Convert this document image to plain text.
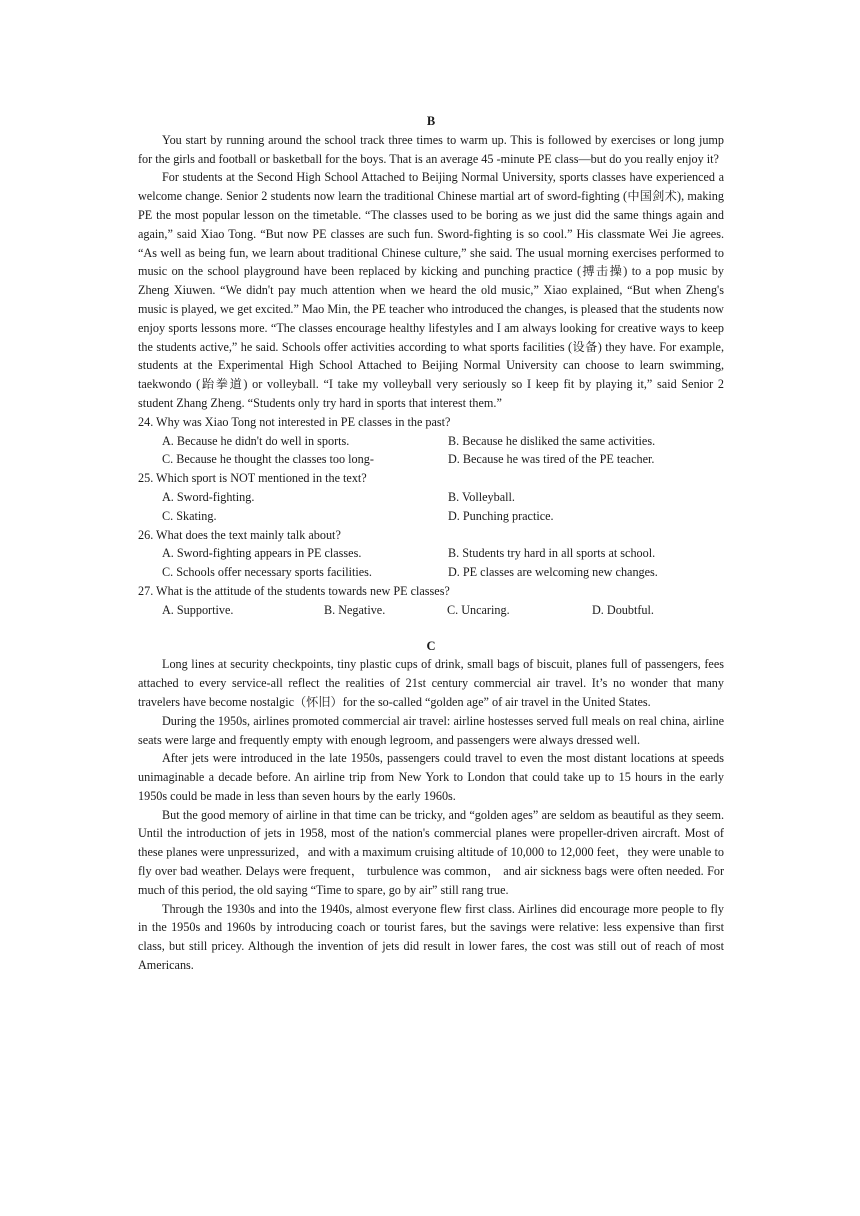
B

You start by running around the school track three times to warm up. This is followed by exercises or long jump for the girls and football or basketball for the boys. That is an average 45 -minute PE class—but do you really enjoy it?

For students at the Second High School Attached to Beijing Normal University, sports classes have experienced a welcome change. Senior 2 students now learn the traditional Chinese martial art of sword-fighting (中国剑术), making PE the most popular lesson on the timetable. “The classes used to be boring as we just did the same things again and again,” said Xiao Tong. “But now PE classes are such fun. Sword-fighting is so cool.” His classmate Wei Jie agrees. “As well as being fun, we learn about traditional Chinese culture,” she said. The usual morning exercises performed to music on the school playground have been replaced by kicking and punching practice (搏击操) to a pop music by Zheng Xiuwen. “We didn't pay much attention when we heard the old music,” Xiao explained, “But when Zheng's music is played, we get excited.” Mao Min, the PE teacher who introduced the changes, is pleased that the students now enjoy sports lessons more. “The classes encourage healthy lifestyles and I am always looking for creative ways to keep the students active,” he said. Schools offer activities according to what sports facilities (设备) they have. For example, students at the Experimental High School Attached to Beijing Normal University can choose to learn swimming, taekwondo (跆拳道) or volleyball. “I take my volleyball very seriously so I keep fit by playing it,” said Senior 2 student Zhang Zheng. “Students only try hard in sports that interest them.”

24. Why was Xiao Tong not interested in PE classes in the past?
A. Because he didn't do well in sports.	B. Because he disliked the same activities.
C. Because he thought the classes too long-	D. Because he was tired of the PE teacher.
25. Which sport is NOT mentioned in the text?
A. Sword-fighting.	B. Volleyball.
C. Skating.	D. Punching practice.
26. What does the text mainly talk about?
A. Sword-fighting appears in PE classes.	B. Students try hard in all sports at school.
C. Schools offer necessary sports facilities.	D. PE classes are welcoming new changes.
27. What is the attitude of the students towards new PE classes?
A. Supportive.	B. Negative.	C. Uncaring.	D. Doubtful.
C

Long lines at security checkpoints, tiny plastic cups of drink, small bags of biscuit, planes full of passengers, fees attached to every service-all reflect the realities of 21st century commercial air travel. It’s no wonder that many travelers have become nostalgic（怀旧）for the so-called “golden age” of air travel in the United States.

During the 1950s, airlines promoted commercial air travel: airline hostesses served full meals on real china, airline seats were large and frequently empty with enough legroom, and passengers were always dressed well.

After jets were introduced in the late 1950s, passengers could travel to even the most distant locations at speeds unimaginable a decade before. An airline trip from New York to London that could take up to 15 hours in the early 1950s could be made in less than seven hours by the early 1960s.

But the good memory of airline in that time can be tricky, and “golden ages” are seldom as beautiful as they seem. Until the introduction of jets in 1958, most of the nation's commercial planes were propeller-driven aircraft. Most of these planes were unpressurized，and with a maximum cruising altitude of 10,000 to 12,000 feet，they were unable to fly over bad weather. Delays were frequent， turbulence was common， and air sickness bags were often needed. For much of this period, the old saying “Time to spare, go by air” still rang true.

Through the 1930s and into the 1940s, almost everyone flew first class. Airlines did encourage more people to fly in the 1950s and 1960s by introducing coach or tourist fares, but the savings were relative: less expensive than first class, but still pricey. Although the invention of jets did result in lower fares, the cost was still out of reach of most Americans.
